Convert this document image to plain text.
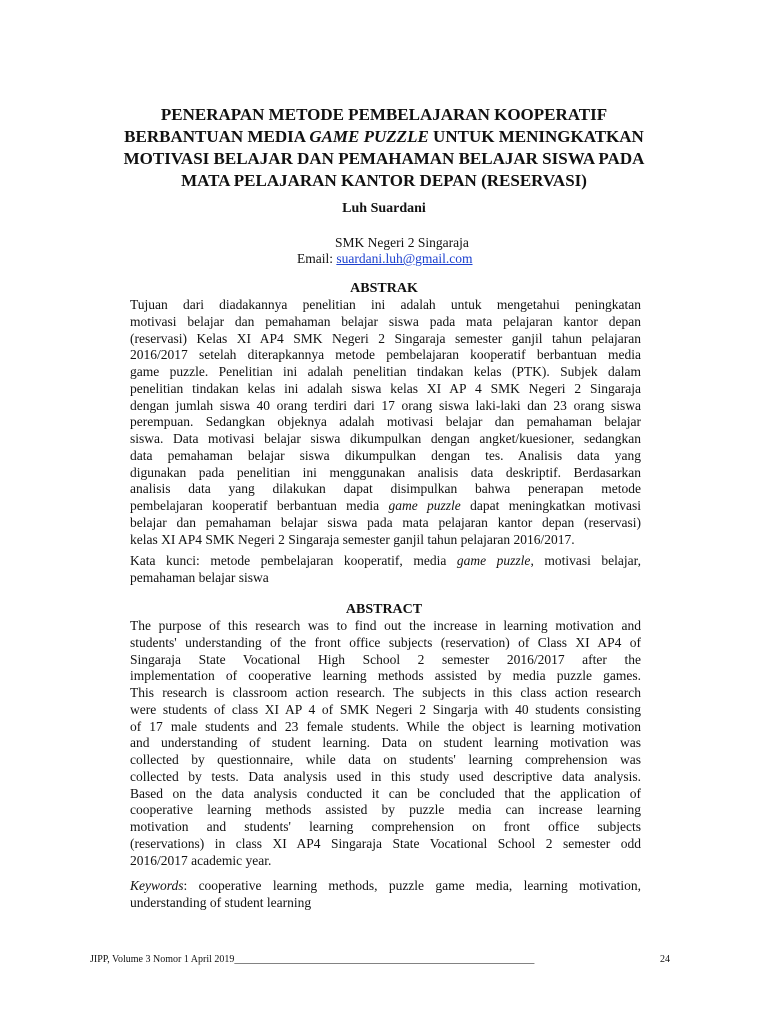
PENERAPAN METODE PEMBELAJARAN KOOPERATIF
BERBANTUAN MEDIA GAME PUZZLE UNTUK MENINGKATKAN
MOTIVASI BELAJAR DAN PEMAHAMAN BELAJAR SISWA PADA
MATA PELAJARAN KANTOR DEPAN (RESERVASI)
Luh Suardani
SMK Negeri 2 Singaraja
Email: suardani.luh@gmail.com
ABSTRAK
Tujuan dari diadakannya penelitian ini adalah untuk mengetahui peningkatan
motivasi belajar dan pemahaman belajar siswa pada mata pelajaran kantor depan
(reservasi) Kelas XI AP4 SMK Negeri 2 Singaraja semester ganjil tahun pelajaran
2016/2017 setelah diterapkannya metode pembelajaran kooperatif berbantuan media
game puzzle. Penelitian ini adalah penelitian tindakan kelas (PTK). Subjek dalam
penelitian tindakan kelas ini adalah siswa kelas XI AP 4 SMK Negeri 2 Singaraja
dengan jumlah siswa 40 orang terdiri dari 17 orang siswa laki-laki dan 23 orang siswa
perempuan. Sedangkan objeknya adalah motivasi belajar dan pemahaman belajar
siswa. Data motivasi belajar siswa dikumpulkan dengan angket/kuesioner, sedangkan
data pemahaman belajar siswa dikumpulkan dengan tes. Analisis data yang
digunakan pada penelitian ini menggunakan analisis data deskriptif. Berdasarkan
analisis data yang dilakukan dapat disimpulkan bahwa penerapan metode
pembelajaran kooperatif berbantuan media game puzzle dapat meningkatkan motivasi
belajar dan pemahaman belajar siswa pada mata pelajaran kantor depan (reservasi)
kelas XI AP4 SMK Negeri 2 Singaraja semester ganjil tahun pelajaran 2016/2017.
Kata kunci: metode pembelajaran kooperatif, media game puzzle, motivasi belajar,
pemahaman belajar siswa
ABSTRACT
The purpose of this research was to find out the increase in learning motivation and
students' understanding of the front office subjects (reservation) of Class XI AP4 of
Singaraja State Vocational High School 2 semester 2016/2017 after the
implementation of cooperative learning methods assisted by media puzzle games.
This research is classroom action research. The subjects in this class action research
were students of class XI AP 4 of SMK Negeri 2 Singarja with 40 students consisting
of 17 male students and 23 female students. While the object is learning motivation
and understanding of student learning. Data on student learning motivation was
collected by questionnaire, while data on students' learning comprehension was
collected by tests. Data analysis used in this study used descriptive data analysis.
Based on the data analysis conducted it can be concluded that the application of
cooperative learning methods assisted by puzzle media can increase learning
motivation and students' learning comprehension on front office subjects
(reservations) in class XI AP4 Singaraja State Vocational School 2 semester odd
2016/2017 academic year.
Keywords: cooperative learning methods, puzzle game media, learning motivation,
understanding of student learning
JIPP, Volume 3 Nomor 1 April 2019____________________________________________________________	24
